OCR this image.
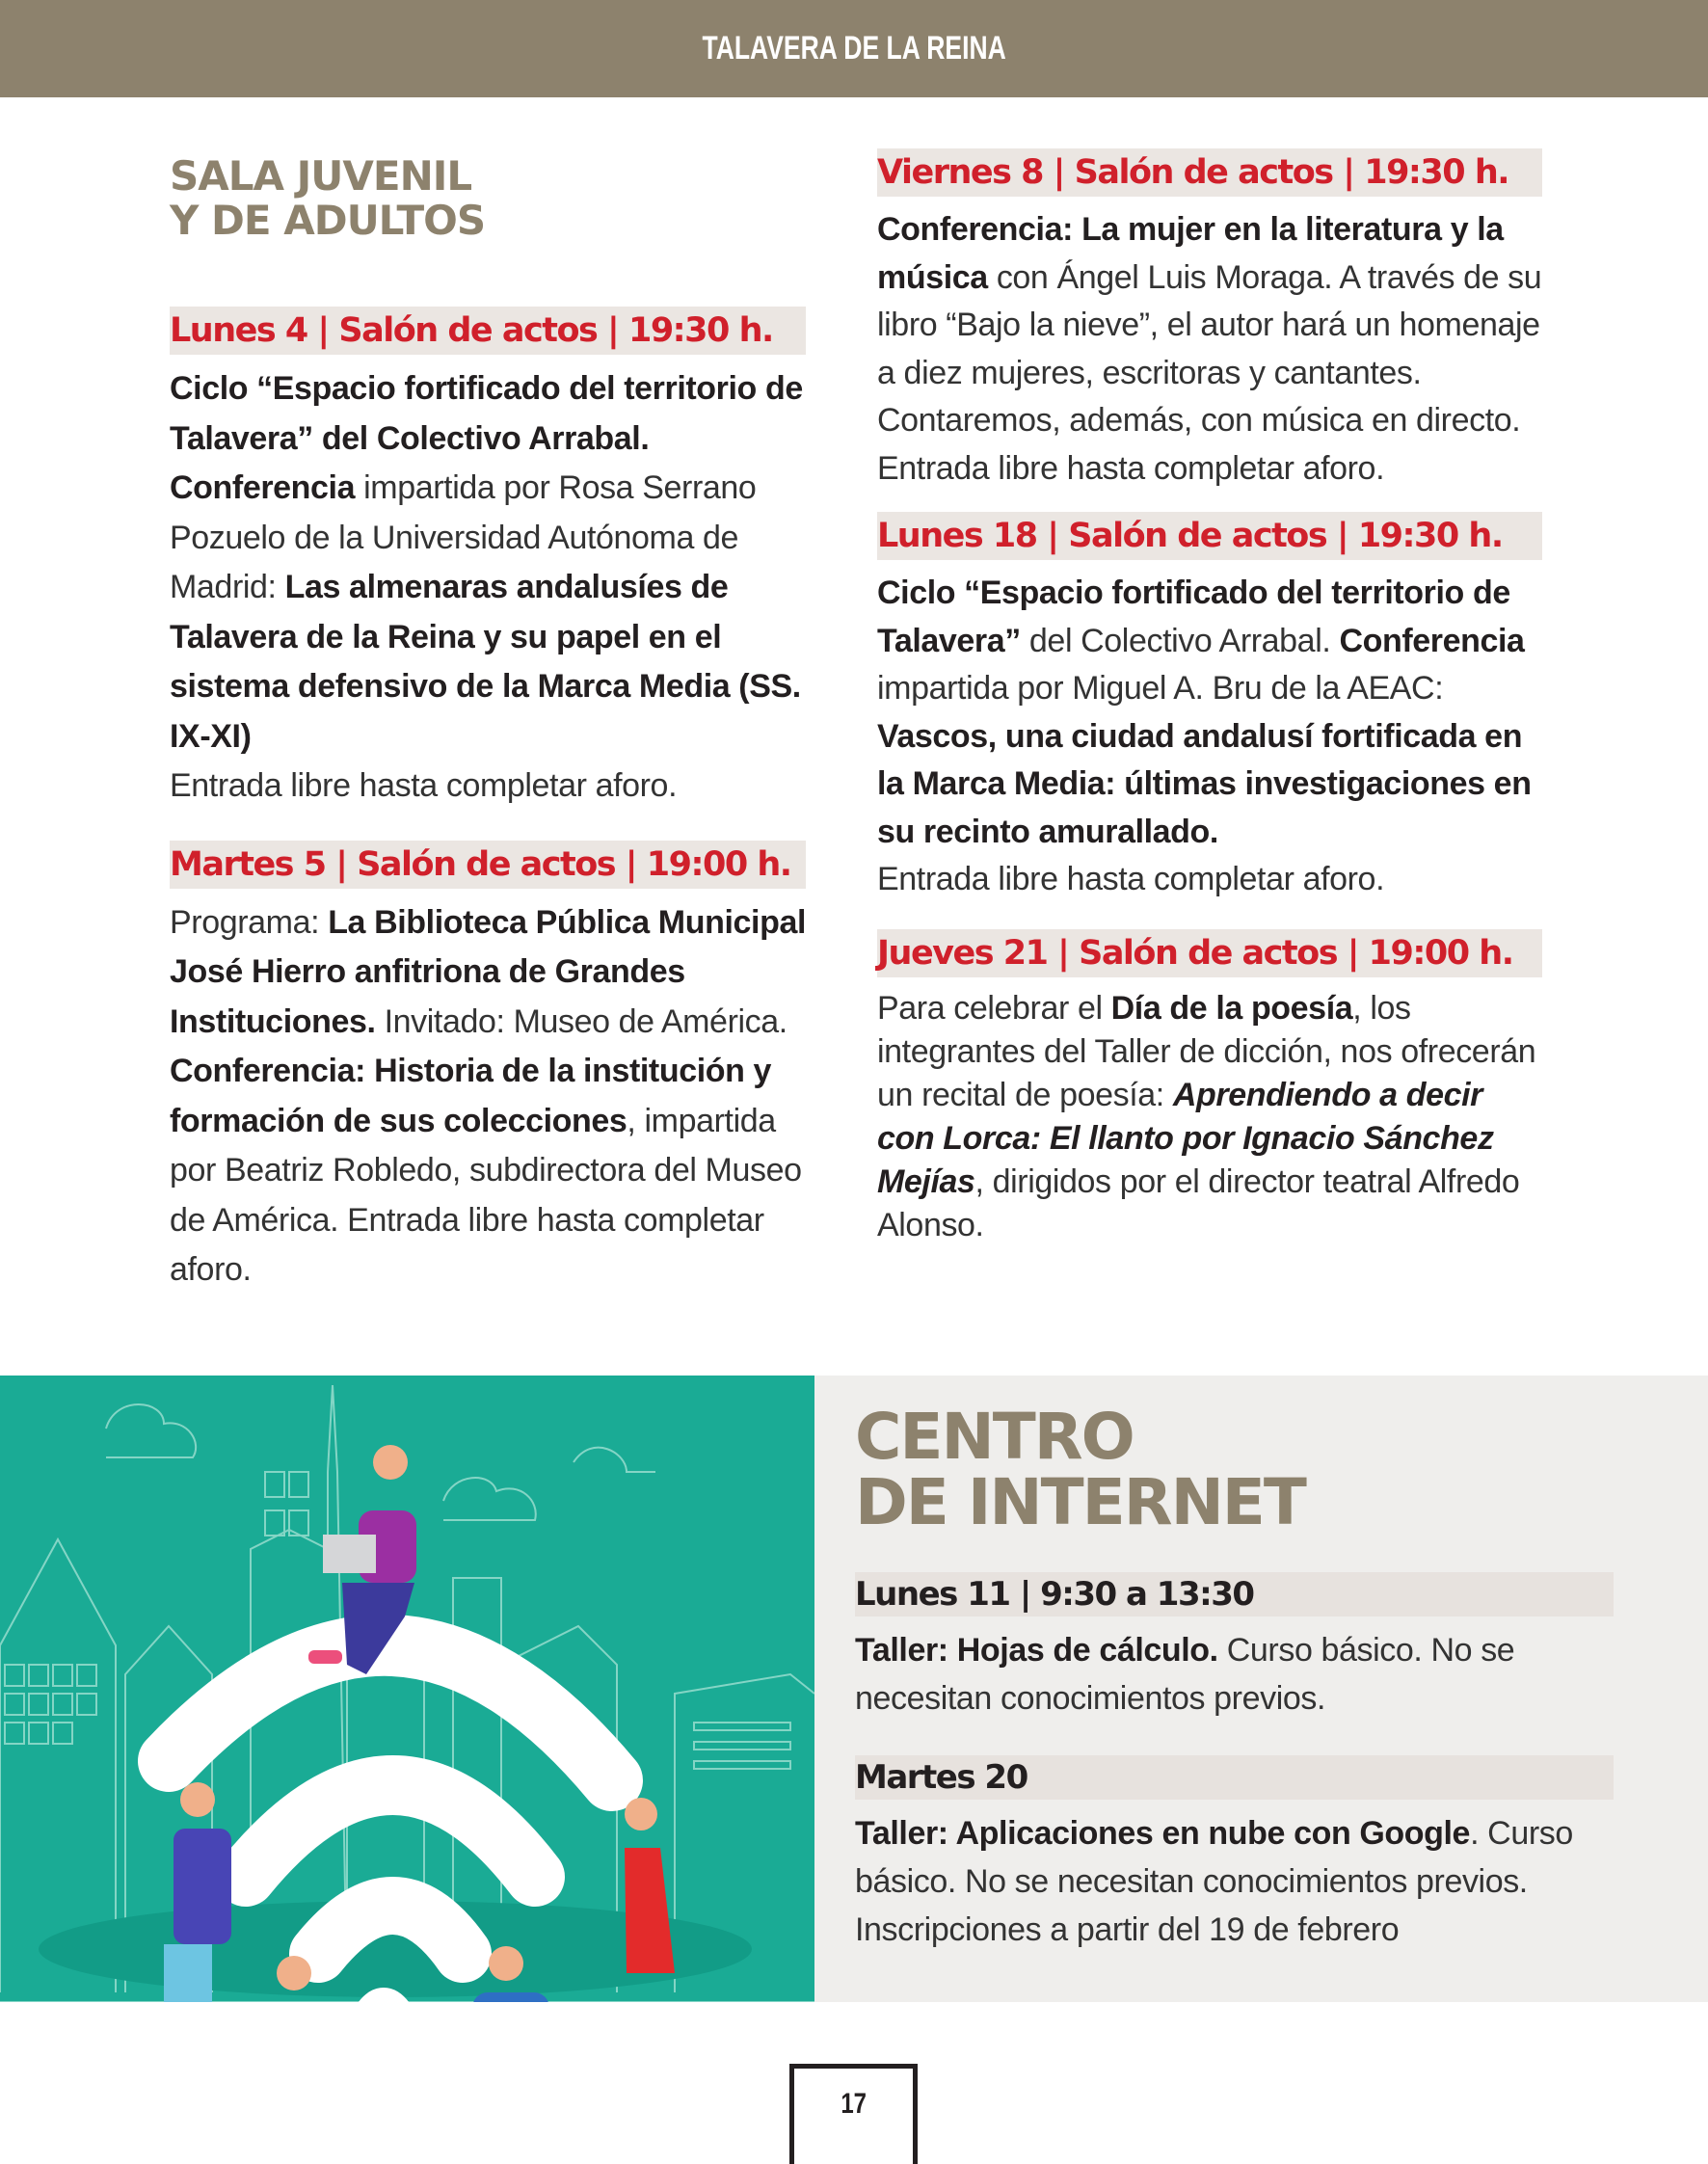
TALAVERA DE LA REINA
SALA JUVENIL
Y DE ADULTOS
Lunes 4 | Salón de actos | 19:30 h.
Ciclo “Espacio fortificado del territorio de Talavera” del Colectivo Arrabal. Conferencia impartida por Rosa Serrano Pozuelo de la Universidad Autónoma de Madrid: Las almenaras andalusíes de Talavera de la Reina y su papel en el sistema defensivo de la Marca Media (SS. IX-XI)
Entrada libre hasta completar aforo.
Martes 5 | Salón de actos | 19:00 h.
Programa: La Biblioteca Pública Municipal José Hierro anfitriona de Grandes Instituciones. Invitado: Museo de América. Conferencia: Historia de la institución y formación de sus colecciones, impartida por Beatriz Robledo, subdirectora del Museo de América. Entrada libre hasta completar aforo.
Viernes 8 | Salón de actos | 19:30 h.
Conferencia: La mujer en la literatura y la música con Ángel Luis Moraga. A través de su libro “Bajo la nieve”, el autor hará un homenaje a diez mujeres, escritoras y cantantes. Contaremos, además, con música en directo.
Entrada libre hasta completar aforo.
Lunes 18 | Salón de actos | 19:30 h.
Ciclo “Espacio fortificado del territorio de Talavera” del Colectivo Arrabal. Conferencia impartida por Miguel A. Bru de la AEAC: Vascos, una ciudad andalusí fortificada en la Marca Media: últimas investigaciones en su recinto amurallado.
Entrada libre hasta completar aforo.
Jueves 21 | Salón de actos | 19:00 h.
Para celebrar el Día de la poesía, los integrantes del Taller de dicción, nos ofrecerán un recital de poesía: Aprendiendo a decir con Lorca: El llanto por Ignacio Sánchez Mejías, dirigidos por el director teatral Alfredo Alonso.
CENTRO
DE INTERNET
Lunes 11 | 9:30 a 13:30
Taller: Hojas de cálculo. Curso básico. No se necesitan conocimientos previos.
Martes 20
Taller: Aplicaciones en nube con Google. Curso básico. No se necesitan conocimientos previos. Inscripciones a partir del 19 de febrero
17
